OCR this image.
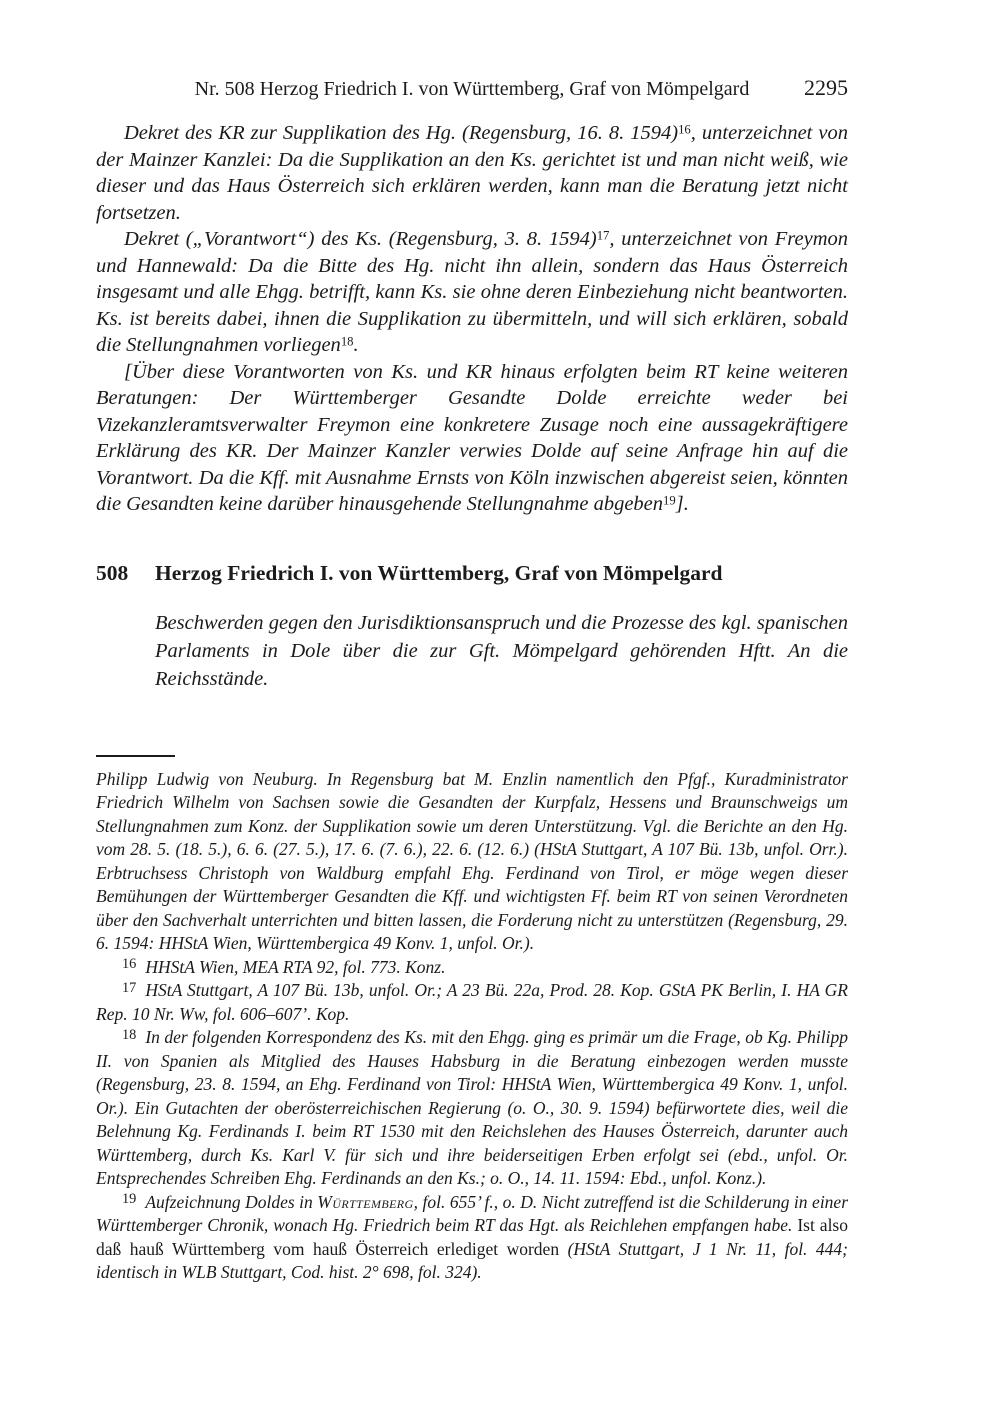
Nr. 508 Herzog Friedrich I. von Württemberg, Graf von Mömpelgard	2295

Dekret des KR zur Supplikation des Hg. (Regensburg, 16. 8. 1594)$^{16}$, unterzeichnet von der Mainzer Kanzlei: Da die Supplikation an den Ks. gerichtet ist und man nicht weiß, wie dieser und das Haus Österreich sich erklären werden, kann man die Beratung jetzt nicht fortsetzen.

Dekret („Vorantwort“) des Ks. (Regensburg, 3. 8. 1594)$^{17}$, unterzeichnet von Freymon und Hannewald: Da die Bitte des Hg. nicht ihn allein, sondern das Haus Österreich insgesamt und alle Ehgg. betrifft, kann Ks. sie ohne deren Einbeziehung nicht beantworten. Ks. ist bereits dabei, ihnen die Supplikation zu übermitteln, und will sich erklären, sobald die Stellungnahmen vorliegen$^{18}$.

[Über diese Vorantworten von Ks. und KR hinaus erfolgten beim RT keine weiteren Beratungen: Der Württemberger Gesandte Dolde erreichte weder bei Vizekanzleramtsverwalter Freymon eine konkretere Zusage noch eine aussagekräftigere Erklärung des KR. Der Mainzer Kanzler verwies Dolde auf seine Anfrage hin auf die Vorantwort. Da die Kff. mit Ausnahme Ernsts von Köln inzwischen abgereist seien, könnten die Gesandten keine darüber hinausgehende Stellungnahme abgeben$^{19}$].

508	Herzog Friedrich I. von Württemberg, Graf von Mömpelgard

Beschwerden gegen den Jurisdiktionsanspruch und die Prozesse des kgl. spanischen Parlaments in Dole über die zur Gft. Mömpelgard gehörenden Hftt. An die Reichsstände.

Philipp Ludwig von Neuburg. In Regensburg bat M. Enzlin namentlich den Pfgf., Kuradministrator Friedrich Wilhelm von Sachsen sowie die Gesandten der Kurpfalz, Hessens und Braunschweigs um Stellungnahmen zum Konz. der Supplikation sowie um deren Unterstützung. Vgl. die Berichte an den Hg. vom 28. 5. (18. 5.), 6. 6. (27. 5.), 17. 6. (7. 6.), 22. 6. (12. 6.) (HStA Stuttgart, A 107 Bü. 13b, unfol. Orr.). Erbtruchsess Christoph von Waldburg empfahl Ehg. Ferdinand von Tirol, er möge wegen dieser Bemühungen der Württemberger Gesandten die Kff. und wichtigsten Ff. beim RT von seinen Verordneten über den Sachverhalt unterrichten und bitten lassen, die Forderung nicht zu unterstützen (Regensburg, 29. 6. 1594: HHStA Wien, Württembergica 49 Konv. 1, unfol. Or.).

$^{16}$ HHStA Wien, MEA RTA 92, fol. 773. Konz.

$^{17}$ HStA Stuttgart, A 107 Bü. 13b, unfol. Or.; A 23 Bü. 22a, Prod. 28. Kop. GStA PK Berlin, I. HA GR Rep. 10 Nr. Ww, fol. 606–607’. Kop.

$^{18}$ In der folgenden Korrespondenz des Ks. mit den Ehgg. ging es primär um die Frage, ob Kg. Philipp II. von Spanien als Mitglied des Hauses Habsburg in die Beratung einbezogen werden musste (Regensburg, 23. 8. 1594, an Ehg. Ferdinand von Tirol: HHStA Wien, Württembergica 49 Konv. 1, unfol. Or.). Ein Gutachten der oberösterreichischen Regierung (o. O., 30. 9. 1594) befürwortete dies, weil die Belehnung Kg. Ferdinands I. beim RT 1530 mit den Reichslehen des Hauses Österreich, darunter auch Württemberg, durch Ks. Karl V. für sich und ihre beiderseitigen Erben erfolgt sei (ebd., unfol. Or. Entsprechendes Schreiben Ehg. Ferdinands an den Ks.; o. O., 14. 11. 1594: Ebd., unfol. Konz.).

$^{19}$ Aufzeichnung Doldes in Württemberg, fol. 655’ f., o. D. Nicht zutreffend ist die Schilderung in einer Württemberger Chronik, wonach Hg. Friedrich beim RT das Hgt. als Reichlehen empfangen habe. Ist also daß hauß Württemberg vom hauß Österreich erlediget worden (HStA Stuttgart, J 1 Nr. 11, fol. 444; identisch in WLB Stuttgart, Cod. hist. 2° 698, fol. 324).
